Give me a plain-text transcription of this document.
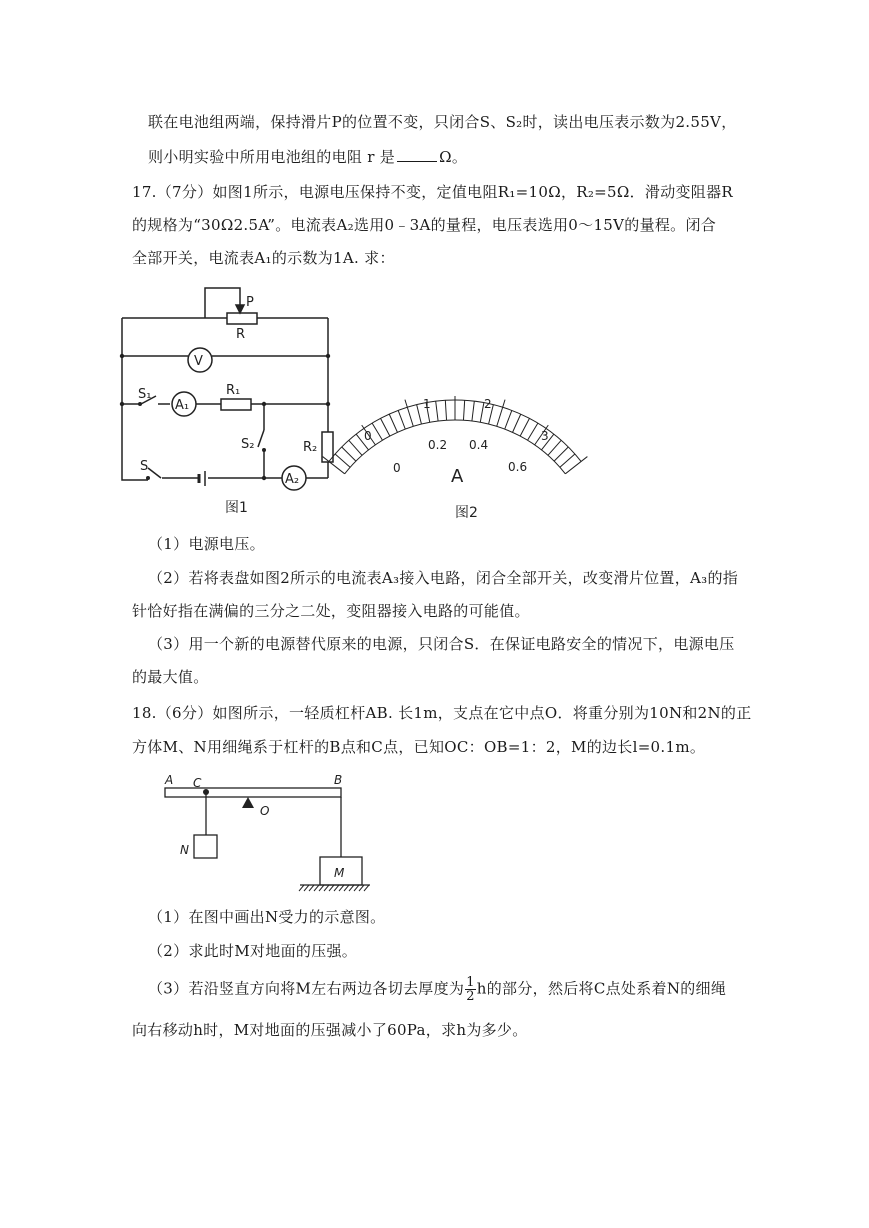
联在电池组两端，保持滑片P的位置不变，只闭合S、S₂时，读出电压表示数为2.55V，
则小明实验中所用电池组的电阻 r 是	Ω。
17.（7分）如图1所示，电源电压保持不变，定值电阻R₁=10Ω，R₂=5Ω．滑动变阻器R
的规格为“30Ω2.5A”。电流表A₂选用0﹣3A的量程，电压表选用0～15V的量程。闭合
全部开关，电流表A₁的示数为1A. 求：
P
R
V
S₁
A₁
R₁
S₂	R₂
S
A₂
图1
0
1	2
3
0
0.2 0.4
0.6
A
图2
A C	B
O
N
M
（1）电源电压。
（2）若将表盘如图2所示的电流表A₃接入电路，闭合全部开关，改变滑片位置，A₃的指
针恰好指在满偏的三分之二处，变阻器接入电路的可能值。
（3）用一个新的电源替代原来的电源，只闭合S．在保证电路安全的情况下，电源电压
的最大值。
18.（6分）如图所示，一轻质杠杆AB. 长1m，支点在它中点O．将重分别为10N和2N的正
方体M、N用细绳系于杠杆的B点和C点，已知OC：OB=1：2，M的边长l=0.1m。
（1）在图中画出N受力的示意图。
（2）求此时M对地面的压强。
（3）若沿竖直方向将M左右两边各切去厚度为 $\frac{1}{2}$ h的部分，然后将C点处系着N的细绳
向右移动h时，M对地面的压强减小了60Pa，求h为多少。
